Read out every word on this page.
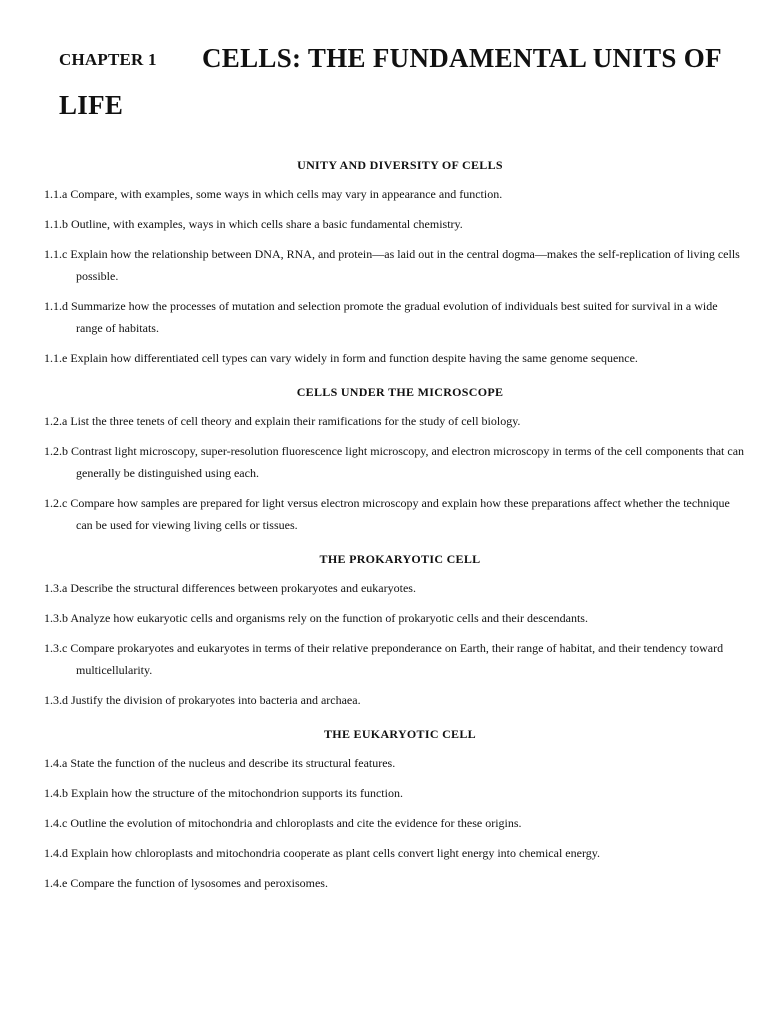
CHAPTER 1 CELLS: THE FUNDAMENTAL UNITS OF
LIFE
UNITY AND DIVERSITY OF CELLS

1.1.a Compare, with examples, some ways in which cells may vary in appearance and function.

1.1.b Outline, with examples, ways in which cells share a basic fundamental chemistry.

1.1.c Explain how the relationship between DNA, RNA, and protein—as laid out in the central dogma—makes the self-replication of living cells possible.

1.1.d Summarize how the processes of mutation and selection promote the gradual evolution of individuals best suited for survival in a wide range of habitats.

1.1.e Explain how differentiated cell types can vary widely in form and function despite having the same genome sequence.

CELLS UNDER THE MICROSCOPE

1.2.a List the three tenets of cell theory and explain their ramifications for the study of cell biology.

1.2.b Contrast light microscopy, super-resolution fluorescence light microscopy, and electron microscopy in terms of the cell components that can generally be distinguished using each.

1.2.c Compare how samples are prepared for light versus electron microscopy and explain how these preparations affect whether the technique can be used for viewing living cells or tissues.

THE PROKARYOTIC CELL

1.3.a Describe the structural differences between prokaryotes and eukaryotes.

1.3.b Analyze how eukaryotic cells and organisms rely on the function of prokaryotic cells and their descendants.

1.3.c Compare prokaryotes and eukaryotes in terms of their relative preponderance on Earth, their range of habitat, and their tendency toward multicellularity.

1.3.d Justify the division of prokaryotes into bacteria and archaea.

THE EUKARYOTIC CELL

1.4.a State the function of the nucleus and describe its structural features.

1.4.b Explain how the structure of the mitochondrion supports its function.

1.4.c Outline the evolution of mitochondria and chloroplasts and cite the evidence for these origins.

1.4.d Explain how chloroplasts and mitochondria cooperate as plant cells convert light energy into chemical energy.

1.4.e Compare the function of lysosomes and peroxisomes.
